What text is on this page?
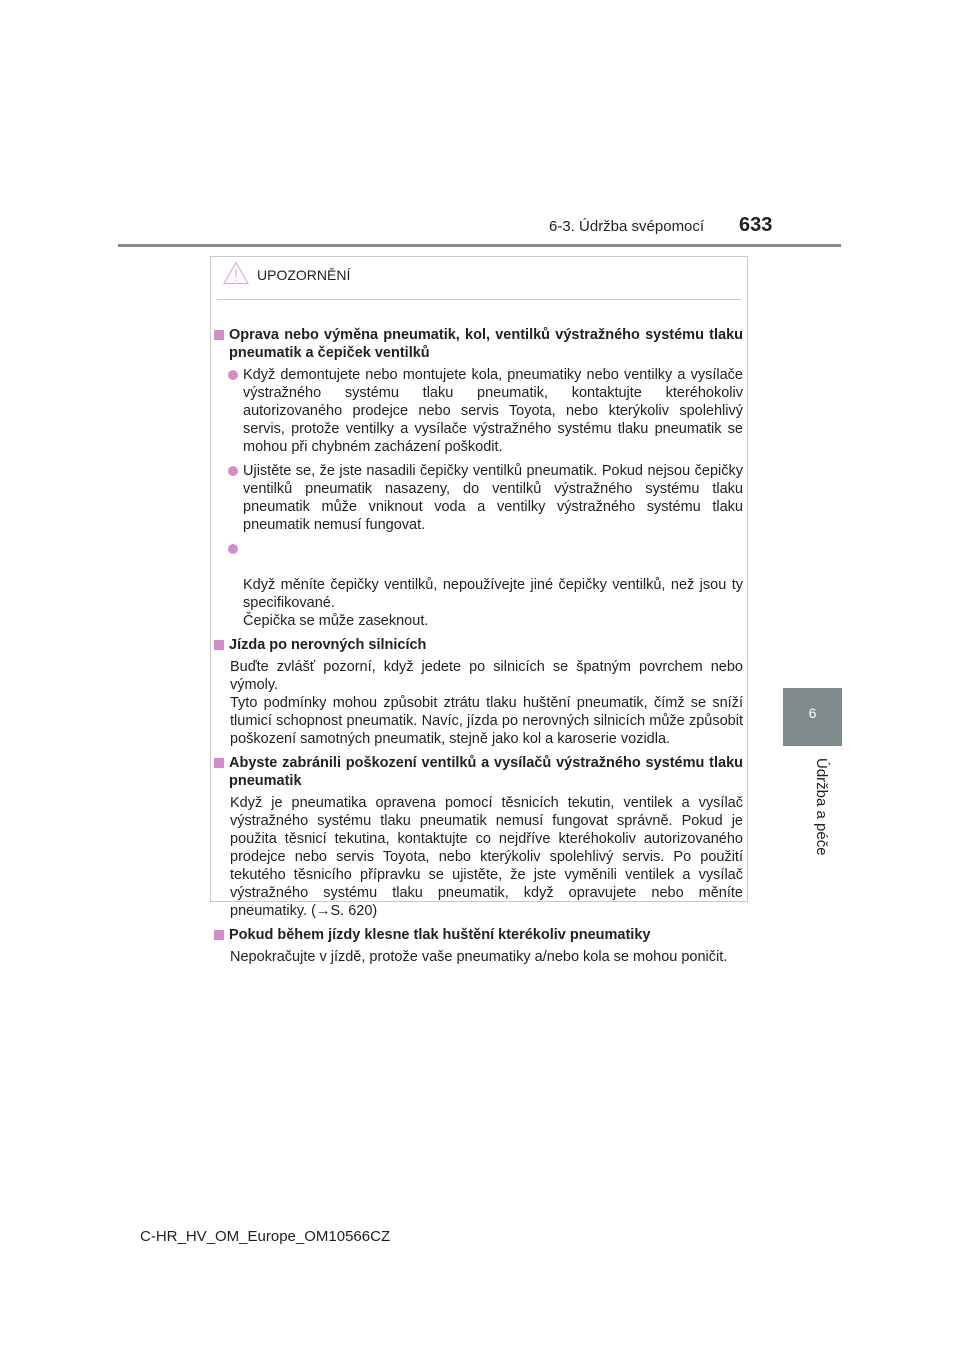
6-3. Údržba svépomocí 633
6
Údržba a péče
UPOZORNĚNÍ
Oprava nebo výměna pneumatik, kol, ventilků výstražného systému tlaku pneumatik a čepiček ventilků
Když demontujete nebo montujete kola, pneumatiky nebo ventilky a vysílače výstražného systému tlaku pneumatik, kontaktujte kteréhokoliv autorizovaného prodejce nebo servis Toyota, nebo kterýkoliv spolehlivý servis, protože ventilky a vysílače výstražného systému tlaku pneumatik se mohou při chybném zacházení poškodit.
Ujistěte se, že jste nasadili čepičky ventilků pneumatik. Pokud nejsou čepičky ventilků pneumatik nasazeny, do ventilků výstražného systému tlaku pneumatik může vniknout voda a ventilky výstražného systému tlaku pneumatik nemusí fungovat.

Když měníte čepičky ventilků, nepoužívejte jiné čepičky ventilků, než jsou ty specifikované.
Čepička se může zaseknout.

Jízda po nerovných silnicích
Buďte zvlášť pozorní, když jedete po silnicích se špatným povrchem nebo výmoly.
Tyto podmínky mohou způsobit ztrátu tlaku huštění pneumatik, čímž se sníží tlumicí schopnost pneumatik. Navíc, jízda po nerovných silnicích může způsobit poškození samotných pneumatik, stejně jako kol a karoserie vozidla.
Abyste zabránili poškození ventilků a vysílačů výstražného systému tlaku pneumatik
Když je pneumatika opravena pomocí těsnicích tekutin, ventilek a vysílač výstražného systému tlaku pneumatik nemusí fungovat správně. Pokud je použita těsnicí tekutina, kontaktujte co nejdříve kteréhokoliv autorizovaného prodejce nebo servis Toyota, nebo kterýkoliv spolehlivý servis. Po použití tekutého těsnicího přípravku se ujistěte, že jste vyměnili ventilek a vysílač výstražného systému tlaku pneumatik, když opravujete nebo měníte pneumatiky. (→S. 620)
Pokud během jízdy klesne tlak huštění kterékoliv pneumatiky
Nepokračujte v jízdě, protože vaše pneumatiky a/nebo kola se mohou poničit.
C-HR_HV_OM_Europe_OM10566CZ
